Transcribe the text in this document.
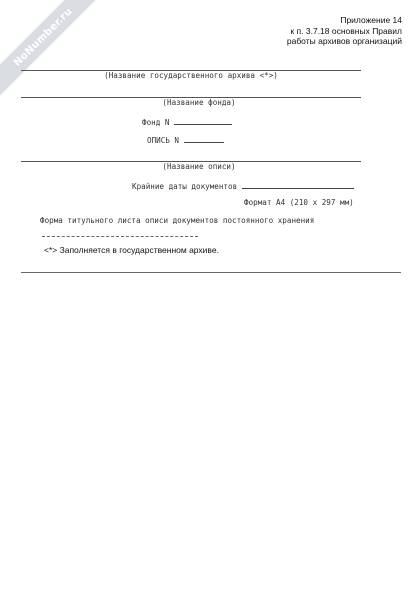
NoNumber.ru	Приложение 14
к п. 3.7.18 основных Правил
работы архивов организаций
(Название государственного архива <*>)
(Название фонда)
Фонд N
ОПИСЬ N
(Название описи)
Крайние даты документов
Формат А4 (210 x 297 мм)
Форма титульного листа описи документов постоянного хранения
<*> Заполняется в государственном архиве.
